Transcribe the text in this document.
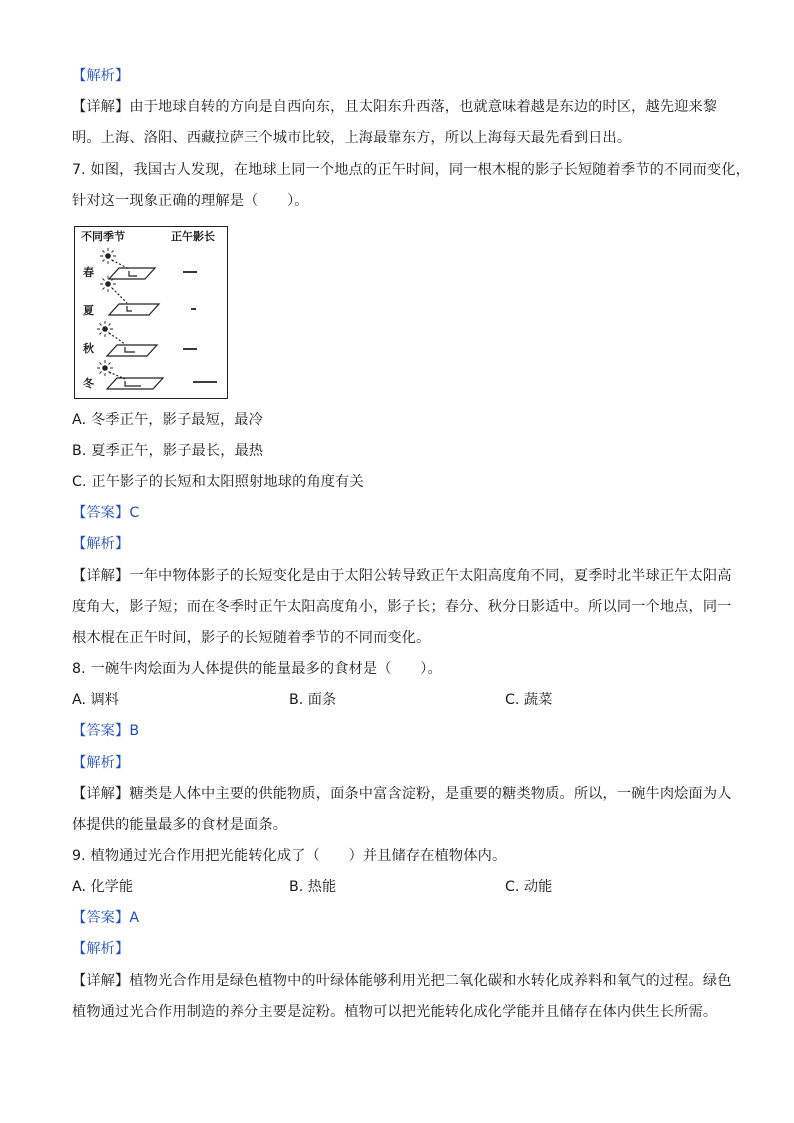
【解析】
【详解】由于地球自转的方向是自西向东，且太阳东升西落，也就意味着越是东边的时区，越先迎来黎
明。上海、洛阳、西藏拉萨三个城市比较，上海最靠东方，所以上海每天最先看到日出。
7. 如图，我国古人发现，在地球上同一个地点的正午时间，同一根木棍的影子长短随着季节的不同而变化，
针对这一现象正确的理解是（　　）。
不同季节	正午影长
春
夏
秋
冬
A. 冬季正午，影子最短，最冷
B. 夏季正午，影子最长，最热
C. 正午影子的长短和太阳照射地球的角度有关
【答案】C
【解析】
【详解】一年中物体影子的长短变化是由于太阳公转导致正午太阳高度角不同，夏季时北半球正午太阳高
度角大，影子短；而在冬季时正午太阳高度角小，影子长；春分、秋分日影适中。所以同一个地点，同一
根木棍在正午时间，影子的长短随着季节的不同而变化。
8. 一碗牛肉烩面为人体提供的能量最多的食材是（　　）。
A. 调料	B. 面条	C. 蔬菜
【答案】B
【解析】
【详解】糖类是人体中主要的供能物质，面条中富含淀粉，是重要的糖类物质。所以，一碗牛肉烩面为人
体提供的能量最多的食材是面条。
9. 植物通过光合作用把光能转化成了（　　）并且储存在植物体内。
A. 化学能	B. 热能	C. 动能
【答案】A
【解析】
【详解】植物光合作用是绿色植物中的叶绿体能够利用光把二氧化碳和水转化成养料和氧气的过程。绿色
植物通过光合作用制造的养分主要是淀粉。植物可以把光能转化成化学能并且储存在体内供生长所需。
